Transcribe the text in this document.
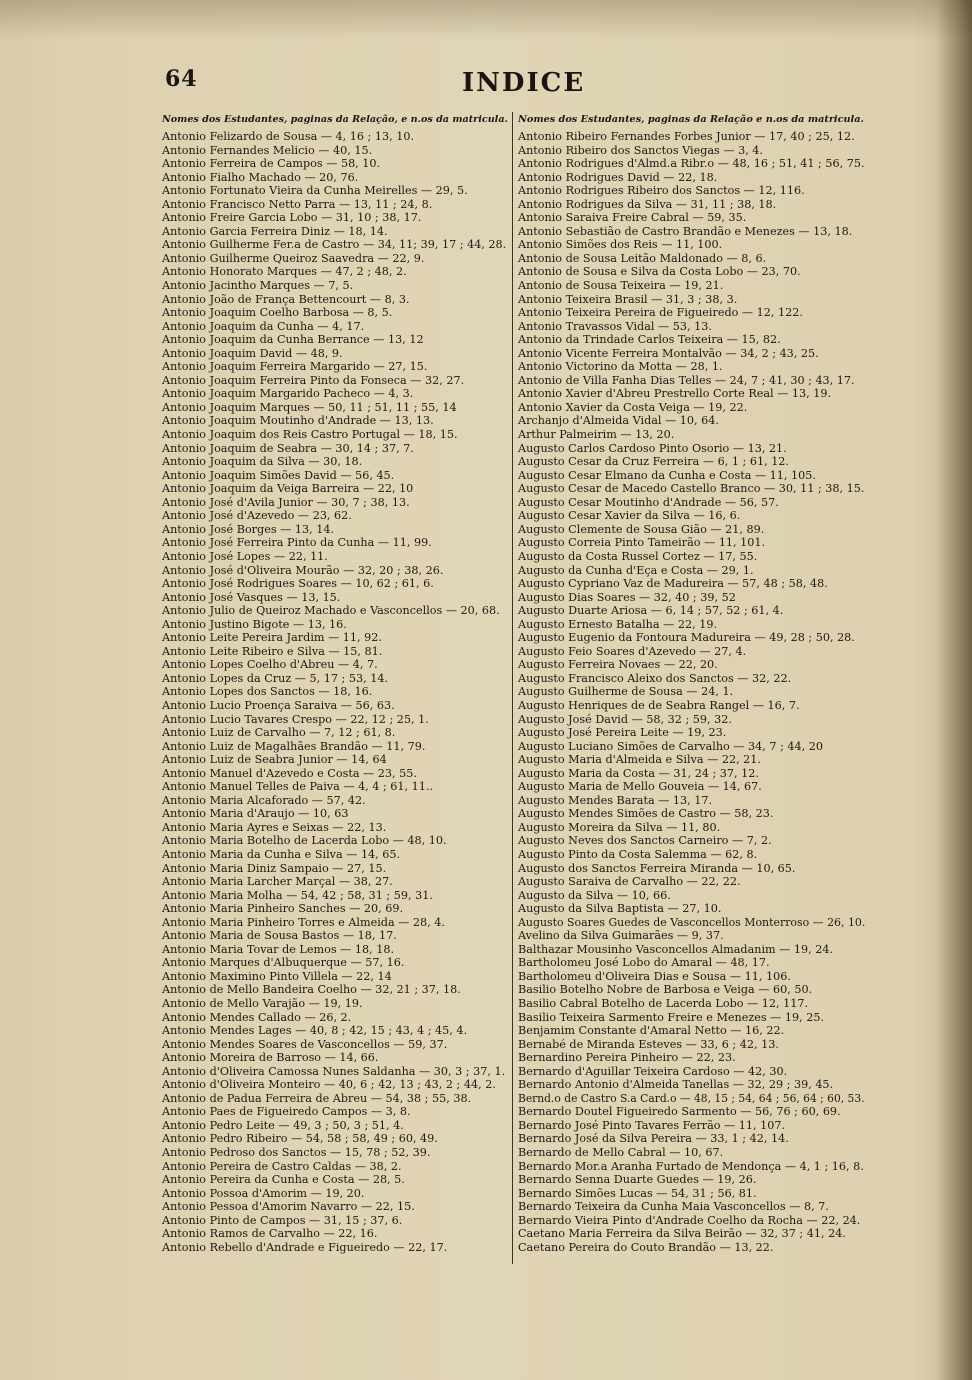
64	INDICE
Nomes dos Estudantes, paginas da Relação, e n.os da matricula.
Antonio Felizardo de Sousa — 4, 16 ; 13, 10.
Antonio Fernandes Melicio — 40, 15.
Antonio Ferreira de Campos — 58, 10.
Antonio Fialho Machado — 20, 76.
Antonio Fortunato Vieira da Cunha Meirelles — 29, 5.
Antonio Francisco Netto Parra — 13, 11 ; 24, 8.
Antonio Freire Garcia Lobo — 31, 10 ; 38, 17.
Antonio Garcia Ferreira Diniz — 18, 14.
Antonio Guilherme Fer.a de Castro — 34, 11; 39, 17 ; 44, 28.
Antonio Guilherme Queiroz Saavedra — 22, 9.
Antonio Honorato Marques — 47, 2 ; 48, 2.
Antonio Jacintho Marques — 7, 5.
Antonio João de França Bettencourt — 8, 3.
Antonio Joaquim Coelho Barbosa — 8, 5.
Antonio Joaquim da Cunha — 4, 17.
Antonio Joaquim da Cunha Berrance — 13, 12
Antonio Joaquim David — 48, 9.
Antonio Joaquim Ferreira Margarido — 27, 15.
Antonio Joaquim Ferreira Pinto da Fonseca — 32, 27.
Antonio Joaquim Margarido Pacheco — 4, 3.
Antonio Joaquim Marques — 50, 11 ; 51, 11 ; 55, 14
Antonio Joaquim Moutinho d'Andrade — 13, 13.
Antonio Joaquim dos Reis Castro Portugal — 18, 15.
Antonio Joaquim de Seabra — 30, 14 ; 37, 7.
Antonio Joaquim da Silva — 30, 18.
Antonio Joaquim Simões David — 56, 45.
Antonio Joaquim da Veiga Barreira — 22, 10
Antonio José d'Avila Junior — 30, 7 ; 38, 13.
Antonio José d'Azevedo — 23, 62.
Antonio José Borges — 13, 14.
Antonio José Ferreira Pinto da Cunha — 11, 99.
Antonio José Lopes — 22, 11.
Antonio José d'Oliveira Mourão — 32, 20 ; 38, 26.
Antonio José Rodrigues Soares — 10, 62 ; 61, 6.
Antonio José Vasques — 13, 15.
Antonio Julio de Queiroz Machado e Vasconcellos — 20, 68.
Antonio Justino Bigote — 13, 16.
Antonio Leite Pereira Jardim — 11, 92.
Antonio Leite Ribeiro e Silva — 15, 81.
Antonio Lopes Coelho d'Abreu — 4, 7.
Antonio Lopes da Cruz — 5, 17 ; 53, 14.
Antonio Lopes dos Sanctos — 18, 16.
Antonio Lucio Proença Saraiva — 56, 63.
Antonio Lucio Tavares Crespo — 22, 12 ; 25, 1.
Antonio Luiz de Carvalho — 7, 12 ; 61, 8.
Antonio Luiz de Magalhães Brandão — 11, 79.
Antonio Luiz de Seabra Junior — 14, 64
Antonio Manuel d'Azevedo e Costa — 23, 55.
Antonio Manuel Telles de Paiva — 4, 4 ; 61, 11..
Antonio Maria Alcaforado — 57, 42.
Antonio Maria d'Araujo — 10, 63
Antonio Maria Ayres e Seixas — 22, 13.
Antonio Maria Botelho de Lacerda Lobo — 48, 10.
Antonio Maria da Cunha e Silva — 14, 65.
Antonio Maria Diniz Sampaio — 27, 15.
Antonio Maria Larcher Marçal — 38, 27.
Antonio Maria Molha — 54, 42 ; 58, 31 ; 59, 31.
Antonio Maria Pinheiro Sanches — 20, 69.
Antonio Maria Pinheiro Torres e Almeida — 28, 4.
Antonio Maria de Sousa Bastos — 18, 17.
Antonio Maria Tovar de Lemos — 18, 18.
Antonio Marques d'Albuquerque — 57, 16.
Antonio Maximino Pinto Villela — 22, 14
Antonio de Mello Bandeira Coelho — 32, 21 ; 37, 18.
Antonio de Mello Varajão — 19, 19.
Antonio Mendes Callado — 26, 2.
Antonio Mendes Lages — 40, 8 ; 42, 15 ; 43, 4 ; 45, 4.
Antonio Mendes Soares de Vasconcellos — 59, 37.
Antonio Moreira de Barroso — 14, 66.
Antonio d'Oliveira Camossa Nunes Saldanha — 30, 3 ; 37, 1.
Antonio d'Oliveira Monteiro — 40, 6 ; 42, 13 ; 43, 2 ; 44, 2.
Antonio de Padua Ferreira de Abreu — 54, 38 ; 55, 38.
Antonio Paes de Figueiredo Campos — 3, 8.
Antonio Pedro Leite — 49, 3 ; 50, 3 ; 51, 4.
Antonio Pedro Ribeiro — 54, 58 ; 58, 49 ; 60, 49.
Antonio Pedroso dos Sanctos — 15, 78 ; 52, 39.
Antonio Pereira de Castro Caldas — 38, 2.
Antonio Pereira da Cunha e Costa — 28, 5.
Antonio Possoa d'Amorim — 19, 20.
Antonio Pessoa d'Amorim Navarro — 22, 15.
Antonio Pinto de Campos — 31, 15 ; 37, 6.
Antonio Ramos de Carvalho — 22, 16.
Antonio Rebello d'Andrade e Figueiredo — 22, 17.
Nomes dos Estudantes, paginas da Relação e n.os da matricula.
Antonio Ribeiro Fernandes Forbes Junior — 17, 40 ; 25, 12.
Antonio Ribeiro dos Sanctos Viegas — 3, 4.
Antonio Rodrigues d'Almd.a Ribr.o — 48, 16 ; 51, 41 ; 56, 75.
Antonio Rodrigues David — 22, 18.
Antonio Rodrigues Ribeiro dos Sanctos — 12, 116.
Antonio Rodrigues da Silva — 31, 11 ; 38, 18.
Antonio Saraiva Freire Cabral — 59, 35.
Antonio Sebastião de Castro Brandão e Menezes — 13, 18.
Antonio Simões dos Reis — 11, 100.
Antonio de Sousa Leitão Maldonado — 8, 6.
Antonio de Sousa e Silva da Costa Lobo — 23, 70.
Antonio de Sousa Teixeira — 19, 21.
Antonio Teixeira Brasil — 31, 3 ; 38, 3.
Antonio Teixeira Pereira de Figueiredo — 12, 122.
Antonio Travassos Vidal — 53, 13.
Antonio da Trindade Carlos Teixeira — 15, 82.
Antonio Vicente Ferreira Montalvão — 34, 2 ; 43, 25.
Antonio Victorino da Motta — 28, 1.
Antonio de Villa Fanha Dias Telles — 24, 7 ; 41, 30 ; 43, 17.
Antonio Xavier d'Abreu Prestrello Corte Real — 13, 19.
Antonio Xavier da Costa Veiga — 19, 22.
Archanjo d'Almeida Vidal — 10, 64.
Arthur Palmeirim — 13, 20.
Augusto Carlos Cardoso Pinto Osorio — 13, 21.
Augusto Cesar da Cruz Ferreira — 6, 1 ; 61, 12.
Augusto Cesar Elmano da Cunha e Costa — 11, 105.
Augusto Cesar de Macedo Castello Branco — 30, 11 ; 38, 15.
Augusto Cesar Moutinho d'Andrade — 56, 57.
Augusto Cesar Xavier da Silva — 16, 6.
Augusto Clemente de Sousa Gião — 21, 89.
Augusto Correia Pinto Tameirão — 11, 101.
Augusto da Costa Russel Cortez — 17, 55.
Augusto da Cunha d'Eça e Costa — 29, 1.
Augusto Cypriano Vaz de Madureira — 57, 48 ; 58, 48.
Augusto Dias Soares — 32, 40 ; 39, 52
Augusto Duarte Ariosa — 6, 14 ; 57, 52 ; 61, 4.
Augusto Ernesto Batalha — 22, 19.
Augusto Eugenio da Fontoura Madureira — 49, 28 ; 50, 28.
Augusto Feio Soares d'Azevedo — 27, 4.
Augusto Ferreira Novaes — 22, 20.
Augusto Francisco Aleixo dos Sanctos — 32, 22.
Augusto Guilherme de Sousa — 24, 1.
Augusto Henriques de de Seabra Rangel — 16, 7.
Augusto José David — 58, 32 ; 59, 32.
Augusto José Pereira Leite — 19, 23.
Augusto Luciano Simões de Carvalho — 34, 7 ; 44, 20
Augusto Maria d'Almeida e Silva — 22, 21.
Augusto Maria da Costa — 31, 24 ; 37, 12.
Augusto Maria de Mello Gouveia — 14, 67.
Augusto Mendes Barata — 13, 17.
Augusto Mendes Simões de Castro — 58, 23.
Augusto Moreira da Silva — 11, 80.
Augusto Neves dos Sanctos Carneiro — 7, 2.
Augusto Pinto da Costa Salemma — 62, 8.
Augusto dos Sanctos Ferreira Miranda — 10, 65.
Augusto Saraiva de Carvalho — 22, 22.
Augusto da Silva — 10, 66.
Augusto da Silva Baptista — 27, 10.
Augusto Soares Guedes de Vasconcellos Monterroso — 26, 10.
Avelino da Silva Guimarães — 9, 37.
Balthazar Mousinho Vasconcellos Almadanim — 19, 24.
Bartholomeu José Lobo do Amaral — 48, 17.
Bartholomeu d'Oliveira Dias e Sousa — 11, 106.
Basilio Botelho Nobre de Barbosa e Veiga — 60, 50.
Basilio Cabral Botelho de Lacerda Lobo — 12, 117.
Basilio Teixeira Sarmento Freire e Menezes — 19, 25.
Benjamim Constante d'Amaral Netto — 16, 22.
Bernabé de Miranda Esteves — 33, 6 ; 42, 13.
Bernardino Pereira Pinheiro — 22, 23.
Bernardo d'Aguillar Teixeira Cardoso — 42, 30.
Bernardo Antonio d'Almeida Tanellas — 32, 29 ; 39, 45.
Bernd.o de Castro S.a Card.o — 48, 15 ; 54, 64 ; 56, 64 ; 60, 53.
Bernardo Doutel Figueiredo Sarmento — 56, 76 ; 60, 69.
Bernardo José Pinto Tavares Ferrão — 11, 107.
Bernardo José da Silva Pereira — 33, 1 ; 42, 14.
Bernardo de Mello Cabral — 10, 67.
Bernardo Mor.a Aranha Furtado de Mendonça — 4, 1 ; 16, 8.
Bernardo Senna Duarte Guedes — 19, 26.
Bernardo Simões Lucas — 54, 31 ; 56, 81.
Bernardo Teixeira da Cunha Maia Vasconcellos — 8, 7.
Bernardo Vieira Pinto d'Andrade Coelho da Rocha — 22, 24.
Caetano Maria Ferreira da Silva Beirão — 32, 37 ; 41, 24.
Caetano Pereira do Couto Brandão — 13, 22.
